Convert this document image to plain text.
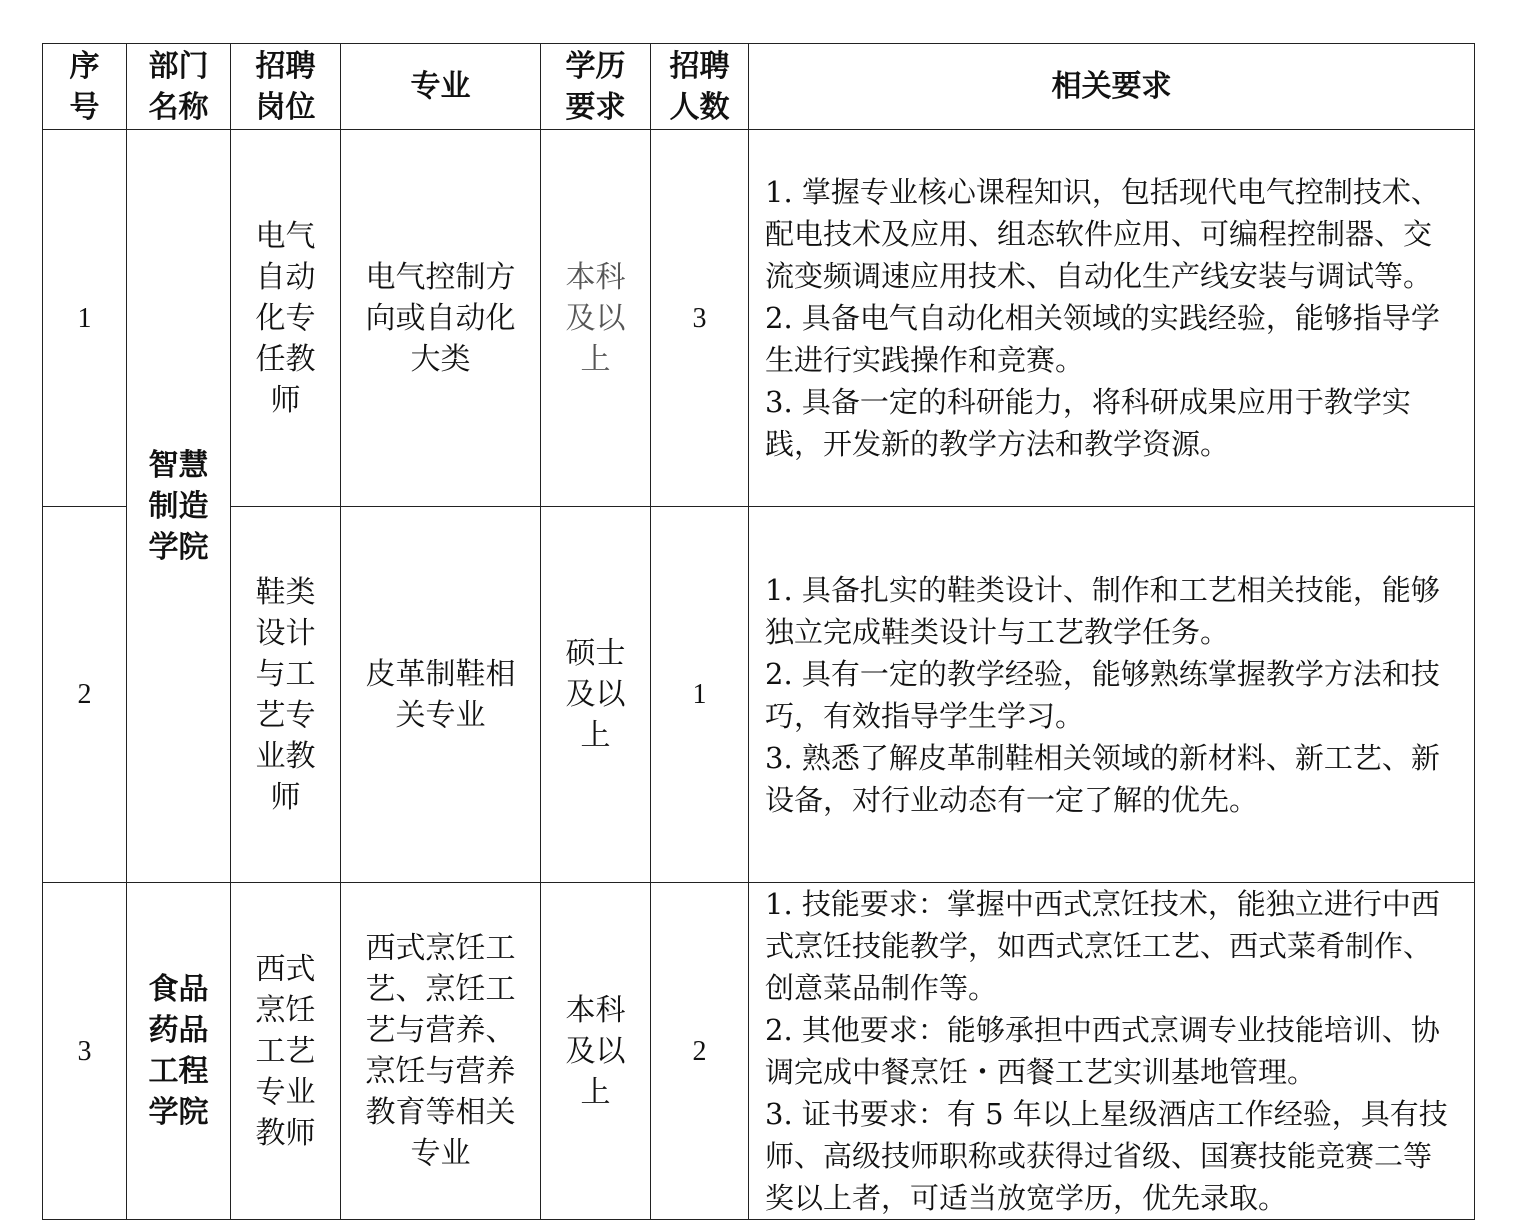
序号	部门名称	招聘岗位	专业	学历要求	招聘人数	相关要求
1	智慧制造学院	电气自动化专任教师	电气控制方向或自动化大类	本科及以上	3	1. 掌握专业核心课程知识，包括现代电气控制技术、配电技术及应用、组态软件应用、可编程控制器、交流变频调速应用技术、自动化生产线安装与调试等。
2. 具备电气自动化相关领域的实践经验，能够指导学生进行实践操作和竞赛。
3. 具备一定的科研能力，将科研成果应用于教学实践，开发新的教学方法和教学资源。

2		鞋类设计与工艺专业教师	皮革制鞋相关专业	硕士及以上	1	1. 具备扎实的鞋类设计、制作和工艺相关技能，能够独立完成鞋类设计与工艺教学任务。
2. 具有一定的教学经验，能够熟练掌握教学方法和技巧，有效指导学生学习。
3. 熟悉了解皮革制鞋相关领域的新材料、新工艺、新设备，对行业动态有一定了解的优先。

3	食品药品工程学院	西式烹饪工艺专业教师	西式烹饪工艺、烹饪工艺与营养、烹饪与营养教育等相关专业	本科及以上	2	1. 技能要求：掌握中西式烹饪技术，能独立进行中西式烹饪技能教学，如西式烹饪工艺、西式菜肴制作、创意菜品制作等。
2. 其他要求：能够承担中西式烹调专业技能培训、协调完成中餐烹饪・西餐工艺实训基地管理。
3. 证书要求：有 5 年以上星级酒店工作经验，具有技师、高级技师职称或获得过省级、国赛技能竞赛二等奖以上者，可适当放宽学历，优先录取。
